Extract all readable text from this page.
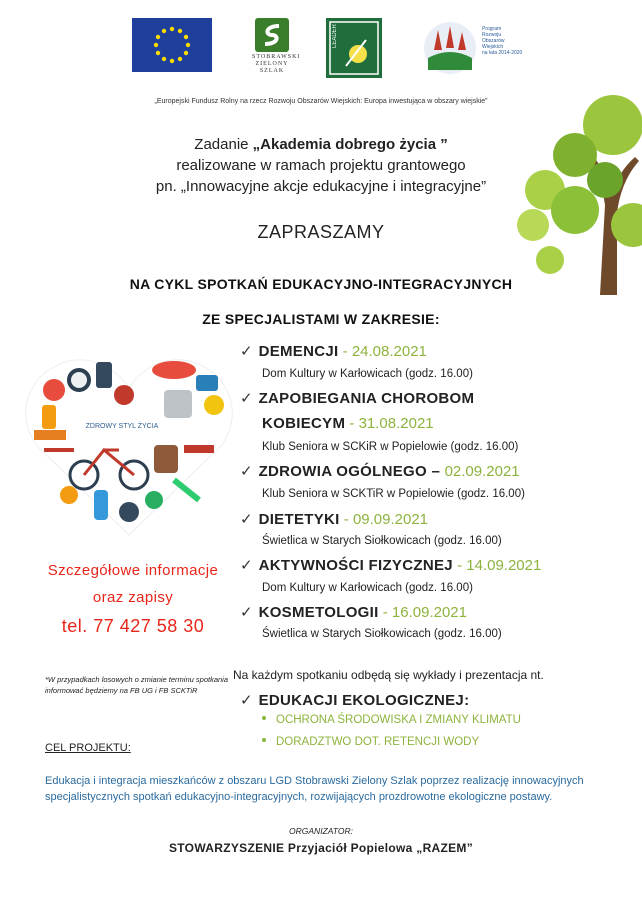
STOBRAWSKI
ZIELONY
SZLAK
LEADER	Program
Rozwoju
Obszarów
Wiejskich
na lata 2014-2020
„Europejski Fundusz Rolny na rzecz Rozwoju Obszarów Wiejskich: Europa inwestująca w obszary wiejskie”
Zadanie „Akademia dobrego życia ”
realizowane w ramach projektu grantowego
pn. „Innowacyjne akcje edukacyjne i integracyjne”
ZAPRASZAMY
NA CYKL SPOTKAŃ EDUKACYJNO-INTEGRACYJNYCH
ZE SPECJALISTAMI W ZAKRESIE:
ZDROWY STYL ŻYCIA
✓ DEMENCJI - 24.08.2021
Dom Kultury w Karłowicach (godz. 16.00)
✓ ZAPOBIEGANIA CHOROBOM
KOBIECYM - 31.08.2021
Klub Seniora w SCKiR w Popielowie (godz. 16.00)
✓ ZDROWIA OGÓLNEGO – 02.09.2021
Klub Seniora w SCKTiR w Popielowie (godz. 16.00)
✓ DIETETYKI - 09.09.2021
Świetlica w Starych Siołkowicach (godz. 16.00)
✓ AKTYWNOŚCI FIZYCZNEJ - 14.09.2021
Dom Kultury w Karłowicach (godz. 16.00)
✓ KOSMETOLOGII - 16.09.2021
Świetlica w Starych Siołkowicach (godz. 16.00)
Szczegółowe informacje
oraz zapisy
tel. 77 427 58 30
*W przypadkach losowych o zmianie terminu spotkania informować będziemy na FB UG i FB SCKTiR
Na każdym spotkaniu odbędą się wykłady i prezentacja nt.
✓ EDUKACJI EKOLOGICZNEJ:
OCHRONA ŚRODOWISKA I ZMIANY KLIMATU
DORADZTWO DOT. RETENCJI WODY
CEL PROJEKTU:
Edukacja i integracja mieszkańców z obszaru LGD Stobrawski Zielony Szlak poprzez realizację innowacyjnych specjalistycznych spotkań edukacyjno-integracyjnych, rozwijających prozdrowotne ekologiczne postawy.
ORGANIZATOR:
STOWARZYSZENIE Przyjaciół Popielowa „RAZEM”
